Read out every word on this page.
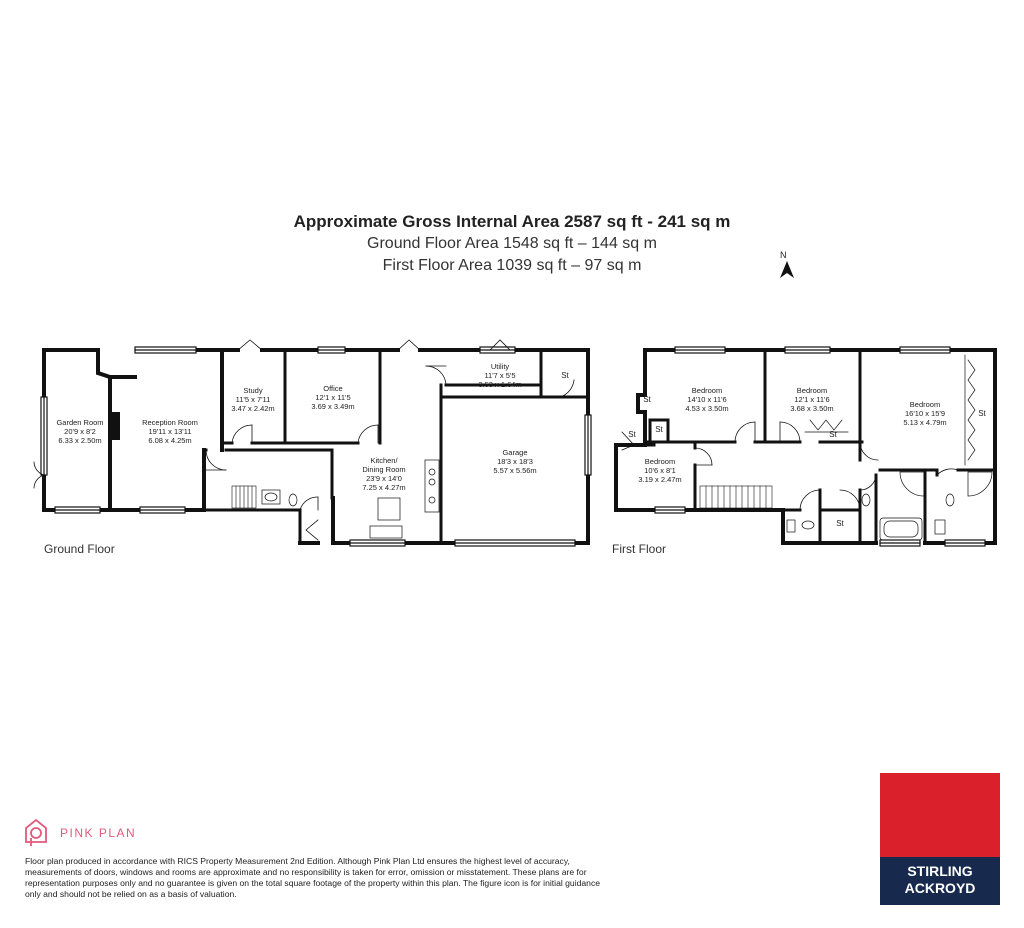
Approximate Gross Internal Area 2587 sq ft - 241 sq m
Ground Floor Area 1548 sq ft – 144 sq m
First Floor Area 1039 sq ft – 97 sq m
Garden Room
20'9 x 8'2
6.33 x 2.50m
Reception Room
19'11 x 13'11
6.08 x 4.25m
Study
11'5 x 7'11
3.47 x 2.42m
Office
12'1 x 11'5
3.69 x 3.49m
Kitchen/
Dining Room
23'9 x 14'0
7.25 x 4.27m
Utility
11'7 x 5'5
3.53 x 1.64m
Garage
18'3 x 18'3
5.57 x 5.56m
St
Ground Floor
Bedroom
14'10 x 11'6
4.53 x 3.50m
Bedroom
12'1 x 11'6
3.68 x 3.50m	Bedroom
16'10 x 15'9
5.13 x 4.79m
Bedroom
10'6 x 8'1
3.19 x 2.47m
St
St
St	St
St
St
First Floor
N
PINK PLAN
Floor plan produced in accordance with RICS Property Measurement 2nd Edition. Although Pink Plan Ltd ensures the highest level of accuracy, measurements of doors, windows and rooms are approximate and no responsibility is taken for error, omission or misstatement. These plans are for representation purposes only and no guarantee is given on the total square footage of the property within this plan. The figure icon is for initial guidance only and should not be relied on as a basis of valuation.
STIRLING
ACKROYD
